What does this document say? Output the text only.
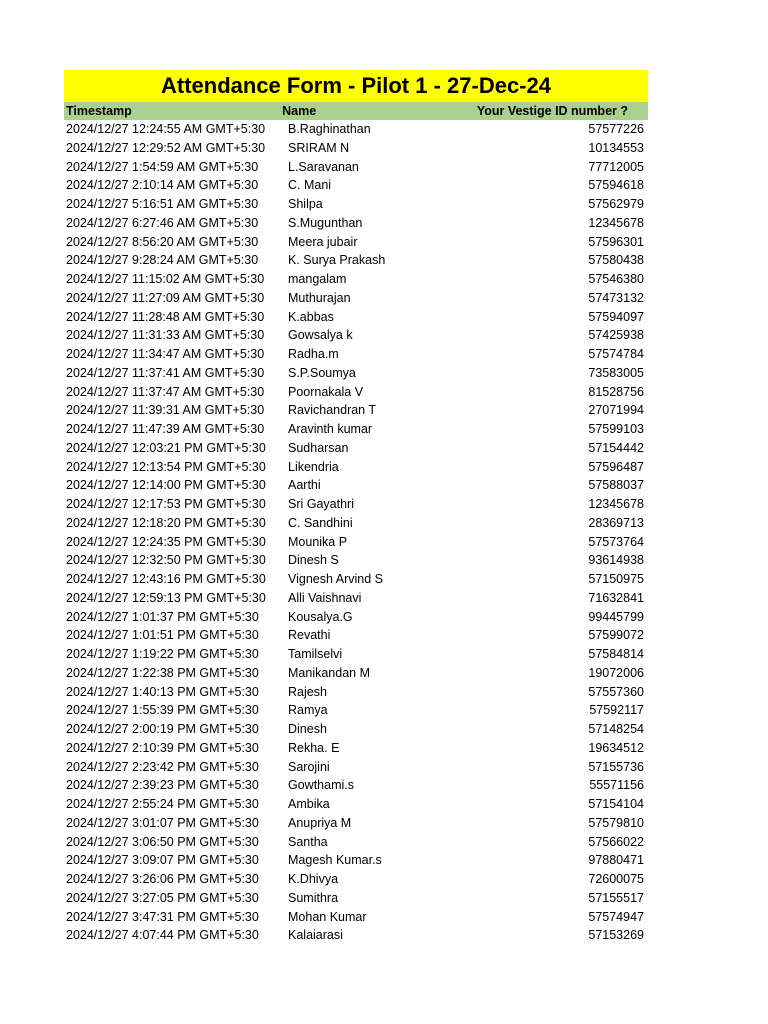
Attendance Form - Pilot 1 - 27-Dec-24
Timestamp	Name	Your Vestige ID number ?
2024/12/27 12:24:55 AM GMT+5:30	B.Raghinathan	57577226
2024/12/27 12:29:52 AM GMT+5:30	SRIRAM N	10134553
2024/12/27 1:54:59 AM GMT+5:30	L.Saravanan	77712005
2024/12/27 2:10:14 AM GMT+5:30	C. Mani	57594618
2024/12/27 5:16:51 AM GMT+5:30	Shilpa	57562979
2024/12/27 6:27:46 AM GMT+5:30	S.Mugunthan	12345678
2024/12/27 8:56:20 AM GMT+5:30	Meera jubair	57596301
2024/12/27 9:28:24 AM GMT+5:30	K. Surya Prakash	57580438
2024/12/27 11:15:02 AM GMT+5:30	mangalam	57546380
2024/12/27 11:27:09 AM GMT+5:30	Muthurajan	57473132
2024/12/27 11:28:48 AM GMT+5:30	K.abbas	57594097
2024/12/27 11:31:33 AM GMT+5:30	Gowsalya k	57425938
2024/12/27 11:34:47 AM GMT+5:30	Radha.m	57574784
2024/12/27 11:37:41 AM GMT+5:30	S.P.Soumya	73583005
2024/12/27 11:37:47 AM GMT+5:30	Poornakala V	81528756
2024/12/27 11:39:31 AM GMT+5:30	Ravichandran T	27071994
2024/12/27 11:47:39 AM GMT+5:30	Aravinth kumar	57599103
2024/12/27 12:03:21 PM GMT+5:30	Sudharsan	57154442
2024/12/27 12:13:54 PM GMT+5:30	Likendria	57596487
2024/12/27 12:14:00 PM GMT+5:30	Aarthi	57588037
2024/12/27 12:17:53 PM GMT+5:30	Sri Gayathri	12345678
2024/12/27 12:18:20 PM GMT+5:30	C. Sandhini	28369713
2024/12/27 12:24:35 PM GMT+5:30	Mounika P	57573764
2024/12/27 12:32:50 PM GMT+5:30	Dinesh S	93614938
2024/12/27 12:43:16 PM GMT+5:30	Vignesh Arvind S	57150975
2024/12/27 12:59:13 PM GMT+5:30	Alli Vaishnavi	71632841
2024/12/27 1:01:37 PM GMT+5:30	Kousalya.G	99445799
2024/12/27 1:01:51 PM GMT+5:30	Revathi	57599072
2024/12/27 1:19:22 PM GMT+5:30	Tamilselvi	57584814
2024/12/27 1:22:38 PM GMT+5:30	Manikandan M	19072006
2024/12/27 1:40:13 PM GMT+5:30	Rajesh	57557360
2024/12/27 1:55:39 PM GMT+5:30	Ramya	57592117
2024/12/27 2:00:19 PM GMT+5:30	Dinesh	57148254
2024/12/27 2:10:39 PM GMT+5:30	Rekha. E	19634512
2024/12/27 2:23:42 PM GMT+5:30	Sarojini	57155736
2024/12/27 2:39:23 PM GMT+5:30	Gowthami.s	55571156
2024/12/27 2:55:24 PM GMT+5:30	Ambika	57154104
2024/12/27 3:01:07 PM GMT+5:30	Anupriya M	57579810
2024/12/27 3:06:50 PM GMT+5:30	Santha	57566022
2024/12/27 3:09:07 PM GMT+5:30	Magesh Kumar.s	97880471
2024/12/27 3:26:06 PM GMT+5:30	K.Dhivya	72600075
2024/12/27 3:27:05 PM GMT+5:30	Sumithra	57155517
2024/12/27 3:47:31 PM GMT+5:30	Mohan Kumar	57574947
2024/12/27 4:07:44 PM GMT+5:30	Kalaiarasi	57153269
